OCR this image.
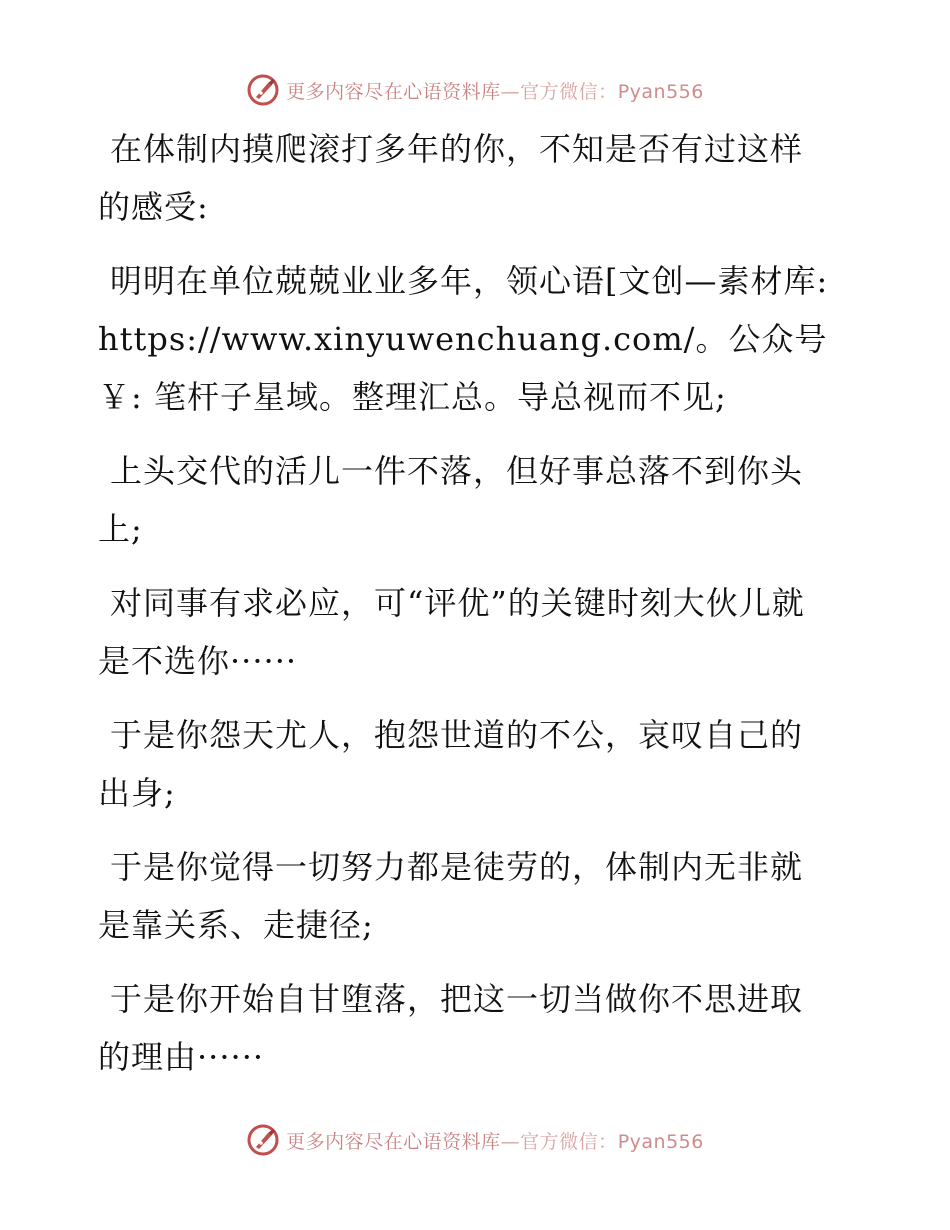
更多内容尽在心语资料库—官方微信：Pyan556

在体制内摸爬滚打多年的你，不知是否有过这样的感受:

明明在单位兢兢业业多年，领心语[文创—素材库: https://www.xinyuwenchuang.com/。公众号￥: 笔杆子星域。整理汇总。导总视而不见;

上头交代的活儿一件不落，但好事总落不到你头上;

对同事有求必应，可“评优”的关键时刻大伙儿就是不选你······

于是你怨天尤人，抱怨世道的不公，哀叹自己的出身;

于是你觉得一切努力都是徒劳的，体制内无非就是靠关系、走捷径;

于是你开始自甘堕落，把这一切当做你不思进取的理由······

更多内容尽在心语资料库—官方微信：Pyan556
